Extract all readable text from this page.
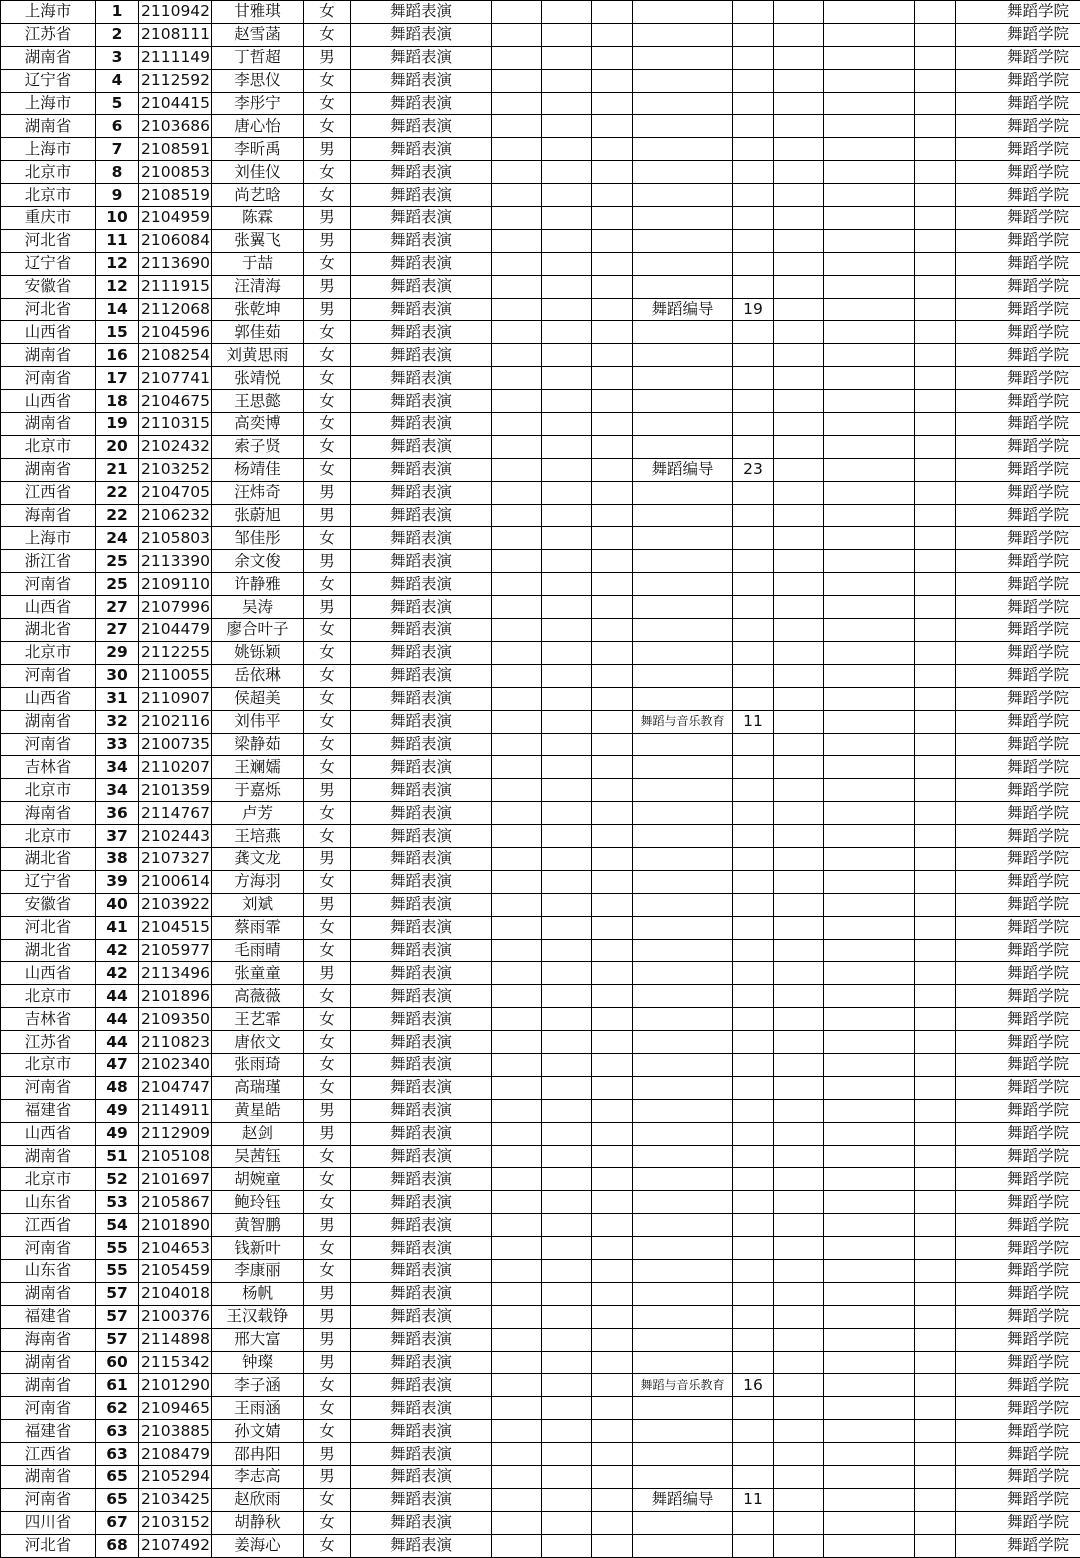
上海市	1	2110942	甘雅琪	女	舞蹈表演									舞蹈学院
江苏省	2	2108111	赵雪菡	女	舞蹈表演									舞蹈学院
湖南省	3	2111149	丁哲超	男	舞蹈表演									舞蹈学院
辽宁省	4	2112592	李思仪	女	舞蹈表演									舞蹈学院
上海市	5	2104415	李彤宁	女	舞蹈表演									舞蹈学院
湖南省	6	2103686	唐心怡	女	舞蹈表演									舞蹈学院
上海市	7	2108591	李昕禹	男	舞蹈表演									舞蹈学院
北京市	8	2100853	刘佳仪	女	舞蹈表演									舞蹈学院
北京市	9	2108519	尚艺晗	女	舞蹈表演									舞蹈学院
重庆市	10	2104959	陈霖	男	舞蹈表演									舞蹈学院
河北省	11	2106084	张翼飞	男	舞蹈表演									舞蹈学院
辽宁省	12	2113690	于喆	女	舞蹈表演									舞蹈学院
安徽省	12	2111915	汪清海	男	舞蹈表演									舞蹈学院
河北省	14	2112068	张乾坤	男	舞蹈表演				舞蹈编导	19				舞蹈学院
山西省	15	2104596	郭佳茹	女	舞蹈表演									舞蹈学院
湖南省	16	2108254	刘黄思雨	女	舞蹈表演									舞蹈学院
河南省	17	2107741	张靖悦	女	舞蹈表演									舞蹈学院
山西省	18	2104675	王思懿	女	舞蹈表演									舞蹈学院
湖南省	19	2110315	高奕博	女	舞蹈表演									舞蹈学院
北京市	20	2102432	索子贤	女	舞蹈表演									舞蹈学院
湖南省	21	2103252	杨靖佳	女	舞蹈表演				舞蹈编导	23				舞蹈学院
江西省	22	2104705	汪炜奇	男	舞蹈表演									舞蹈学院
海南省	22	2106232	张蔚旭	男	舞蹈表演									舞蹈学院
上海市	24	2105803	邹佳彤	女	舞蹈表演									舞蹈学院
浙江省	25	2113390	余文俊	男	舞蹈表演									舞蹈学院
河南省	25	2109110	许静雅	女	舞蹈表演									舞蹈学院
山西省	27	2107996	吴涛	男	舞蹈表演									舞蹈学院
湖北省	27	2104479	廖合叶子	女	舞蹈表演									舞蹈学院
北京市	29	2112255	姚铄颖	女	舞蹈表演									舞蹈学院
河南省	30	2110055	岳依琳	女	舞蹈表演									舞蹈学院
山西省	31	2110907	侯超美	女	舞蹈表演									舞蹈学院
湖南省	32	2102116	刘伟平	女	舞蹈表演				舞蹈与音乐教育	11				舞蹈学院
河南省	33	2100735	梁静茹	女	舞蹈表演									舞蹈学院
吉林省	34	2110207	王斓嬬	女	舞蹈表演									舞蹈学院
北京市	34	2101359	于嘉烁	男	舞蹈表演									舞蹈学院
海南省	36	2114767	卢芳	女	舞蹈表演									舞蹈学院
北京市	37	2102443	王培燕	女	舞蹈表演									舞蹈学院
湖北省	38	2107327	龚文龙	男	舞蹈表演									舞蹈学院
辽宁省	39	2100614	方海羽	女	舞蹈表演									舞蹈学院
安徽省	40	2103922	刘斌	男	舞蹈表演									舞蹈学院
河北省	41	2104515	蔡雨霏	女	舞蹈表演									舞蹈学院
湖北省	42	2105977	毛雨晴	女	舞蹈表演									舞蹈学院
山西省	42	2113496	张童童	男	舞蹈表演									舞蹈学院
北京市	44	2101896	高薇薇	女	舞蹈表演									舞蹈学院
吉林省	44	2109350	王艺霏	女	舞蹈表演									舞蹈学院
江苏省	44	2110823	唐依文	女	舞蹈表演									舞蹈学院
北京市	47	2102340	张雨琦	女	舞蹈表演									舞蹈学院
河南省	48	2104747	高瑞瑾	女	舞蹈表演									舞蹈学院
福建省	49	2114911	黄星皓	男	舞蹈表演									舞蹈学院
山西省	49	2112909	赵剑	男	舞蹈表演									舞蹈学院
湖南省	51	2105108	吴茜钰	女	舞蹈表演									舞蹈学院
北京市	52	2101697	胡婉童	女	舞蹈表演									舞蹈学院
山东省	53	2105867	鲍玲钰	女	舞蹈表演									舞蹈学院
江西省	54	2101890	黄智鹏	男	舞蹈表演									舞蹈学院
河南省	55	2104653	钱新叶	女	舞蹈表演									舞蹈学院
山东省	55	2105459	李康丽	女	舞蹈表演									舞蹈学院
湖南省	57	2104018	杨帆	男	舞蹈表演									舞蹈学院
福建省	57	2100376	王汉载铮	男	舞蹈表演									舞蹈学院
海南省	57	2114898	邢大富	男	舞蹈表演									舞蹈学院
湖南省	60	2115342	钟璨	男	舞蹈表演									舞蹈学院
湖南省	61	2101290	李子涵	女	舞蹈表演				舞蹈与音乐教育	16				舞蹈学院
河南省	62	2109465	王雨涵	女	舞蹈表演									舞蹈学院
福建省	63	2103885	孙文婧	女	舞蹈表演									舞蹈学院
江西省	63	2108479	邵冉阳	男	舞蹈表演									舞蹈学院
湖南省	65	2105294	李志高	男	舞蹈表演									舞蹈学院
河南省	65	2103425	赵欣雨	女	舞蹈表演				舞蹈编导	11				舞蹈学院
四川省	67	2103152	胡静秋	女	舞蹈表演									舞蹈学院
河北省	68	2107492	姜海心	女	舞蹈表演									舞蹈学院
